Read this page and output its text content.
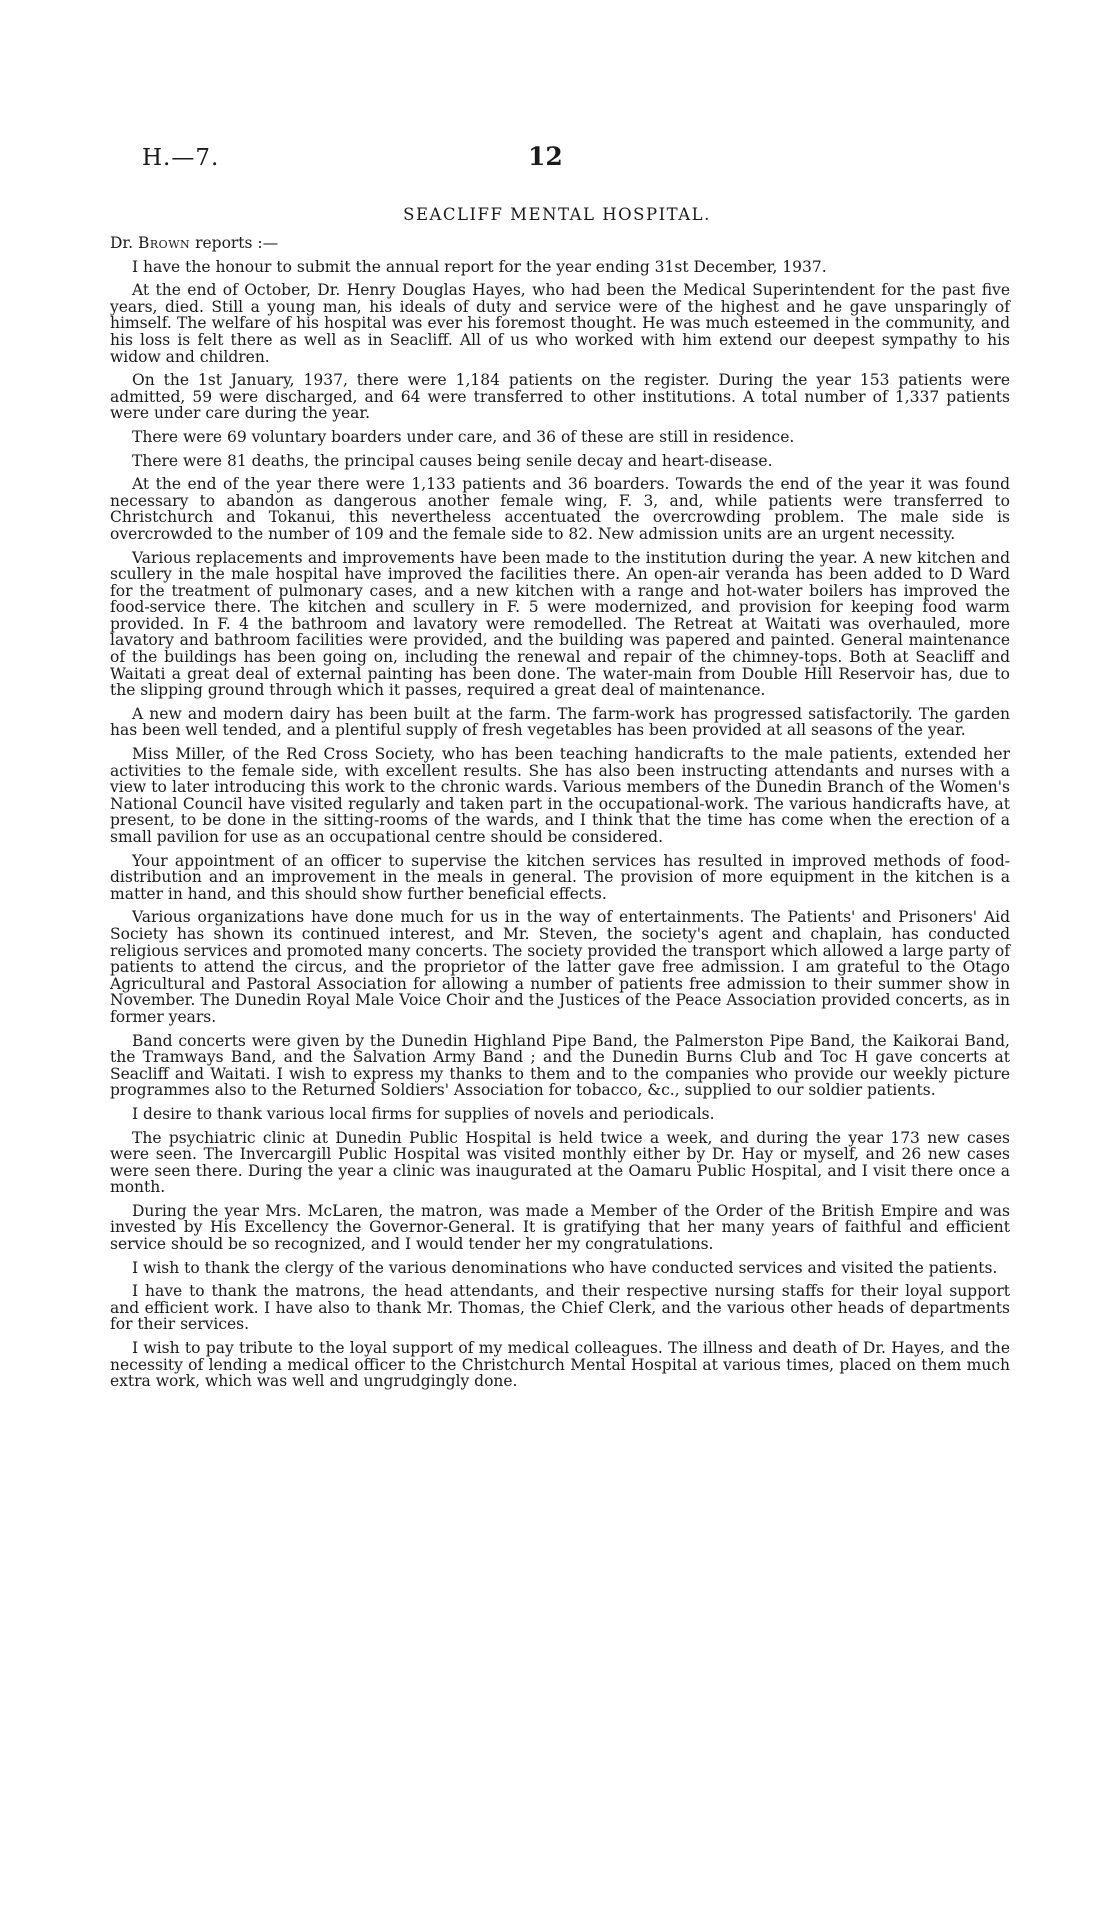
H.—7.	12
SEACLIFF MENTAL HOSPITAL.
Dr. Brown reports :—

I have the honour to submit the annual report for the year ending 31st December, 1937.

At the end of October, Dr. Henry Douglas Hayes, who had been the Medical Superintendent for the past five years, died. Still a young man, his ideals of duty and service were of the highest and he gave unsparingly of himself. The welfare of his hospital was ever his foremost thought. He was much esteemed in the community, and his loss is felt there as well as in Seacliff. All of us who worked with him extend our deepest sympathy to his widow and children.

On the 1st January, 1937, there were 1,184 patients on the register. During the year 153 patients were admitted, 59 were discharged, and 64 were transferred to other institutions. A total number of 1,337 patients were under care during the year.

There were 69 voluntary boarders under care, and 36 of these are still in residence.

There were 81 deaths, the principal causes being senile decay and heart-disease.

At the end of the year there were 1,133 patients and 36 boarders. Towards the end of the year it was found necessary to abandon as dangerous another female wing, F. 3, and, while patients were transferred to Christchurch and Tokanui, this nevertheless accentuated the overcrowding problem. The male side is overcrowded to the number of 109 and the female side to 82. New admission units are an urgent necessity.

Various replacements and improvements have been made to the institution during the year. A new kitchen and scullery in the male hospital have improved the facilities there. An open-air veranda has been added to D Ward for the treatment of pulmonary cases, and a new kitchen with a range and hot-water boilers has improved the food-service there. The kitchen and scullery in F. 5 were modernized, and provision for keeping food warm provided. In F. 4 the bathroom and lavatory were remodelled. The Retreat at Waitati was overhauled, more lavatory and bathroom facilities were provided, and the building was papered and painted. General maintenance of the buildings has been going on, including the renewal and repair of the chimney-tops. Both at Seacliff and Waitati a great deal of external painting has been done. The water-main from Double Hill Reservoir has, due to the slipping ground through which it passes, required a great deal of maintenance.

A new and modern dairy has been built at the farm. The farm-work has progressed satisfactorily. The garden has been well tended, and a plentiful supply of fresh vegetables has been provided at all seasons of the year.

Miss Miller, of the Red Cross Society, who has been teaching handicrafts to the male patients, extended her activities to the female side, with excellent results. She has also been instructing attendants and nurses with a view to later introducing this work to the chronic wards. Various members of the Dunedin Branch of the Women's National Council have visited regularly and taken part in the occupational-work. The various handicrafts have, at present, to be done in the sitting-rooms of the wards, and I think that the time has come when the erection of a small pavilion for use as an occupational centre should be considered.

Your appointment of an officer to supervise the kitchen services has resulted in improved methods of food-distribution and an improvement in the meals in general. The provision of more equipment in the kitchen is a matter in hand, and this should show further beneficial effects.

Various organizations have done much for us in the way of entertainments. The Patients' and Prisoners' Aid Society has shown its continued interest, and Mr. Steven, the society's agent and chaplain, has conducted religious services and promoted many concerts. The society provided the transport which allowed a large party of patients to attend the circus, and the proprietor of the latter gave free admission. I am grateful to the Otago Agricultural and Pastoral Association for allowing a number of patients free admission to their summer show in November. The Dunedin Royal Male Voice Choir and the Justices of the Peace Association provided concerts, as in former years.

Band concerts were given by the Dunedin Highland Pipe Band, the Palmerston Pipe Band, the Kaikorai Band, the Tramways Band, and the Salvation Army Band ; and the Dunedin Burns Club and Toc H gave concerts at Seacliff and Waitati. I wish to express my thanks to them and to the companies who provide our weekly picture programmes also to the Returned Soldiers' Association for tobacco, &c., supplied to our soldier patients.

I desire to thank various local firms for supplies of novels and periodicals.

The psychiatric clinic at Dunedin Public Hospital is held twice a week, and during the year 173 new cases were seen. The Invercargill Public Hospital was visited monthly either by Dr. Hay or myself, and 26 new cases were seen there. During the year a clinic was inaugurated at the Oamaru Public Hospital, and I visit there once a month.

During the year Mrs. McLaren, the matron, was made a Member of the Order of the British Empire and was invested by His Excellency the Governor-General. It is gratifying that her many years of faithful and efficient service should be so recognized, and I would tender her my congratulations.

I wish to thank the clergy of the various denominations who have conducted services and visited the patients.

I have to thank the matrons, the head attendants, and their respective nursing staffs for their loyal support and efficient work. I have also to thank Mr. Thomas, the Chief Clerk, and the various other heads of departments for their services.

I wish to pay tribute to the loyal support of my medical colleagues. The illness and death of Dr. Hayes, and the necessity of lending a medical officer to the Christchurch Mental Hospital at various times, placed on them much extra work, which was well and ungrudgingly done.
